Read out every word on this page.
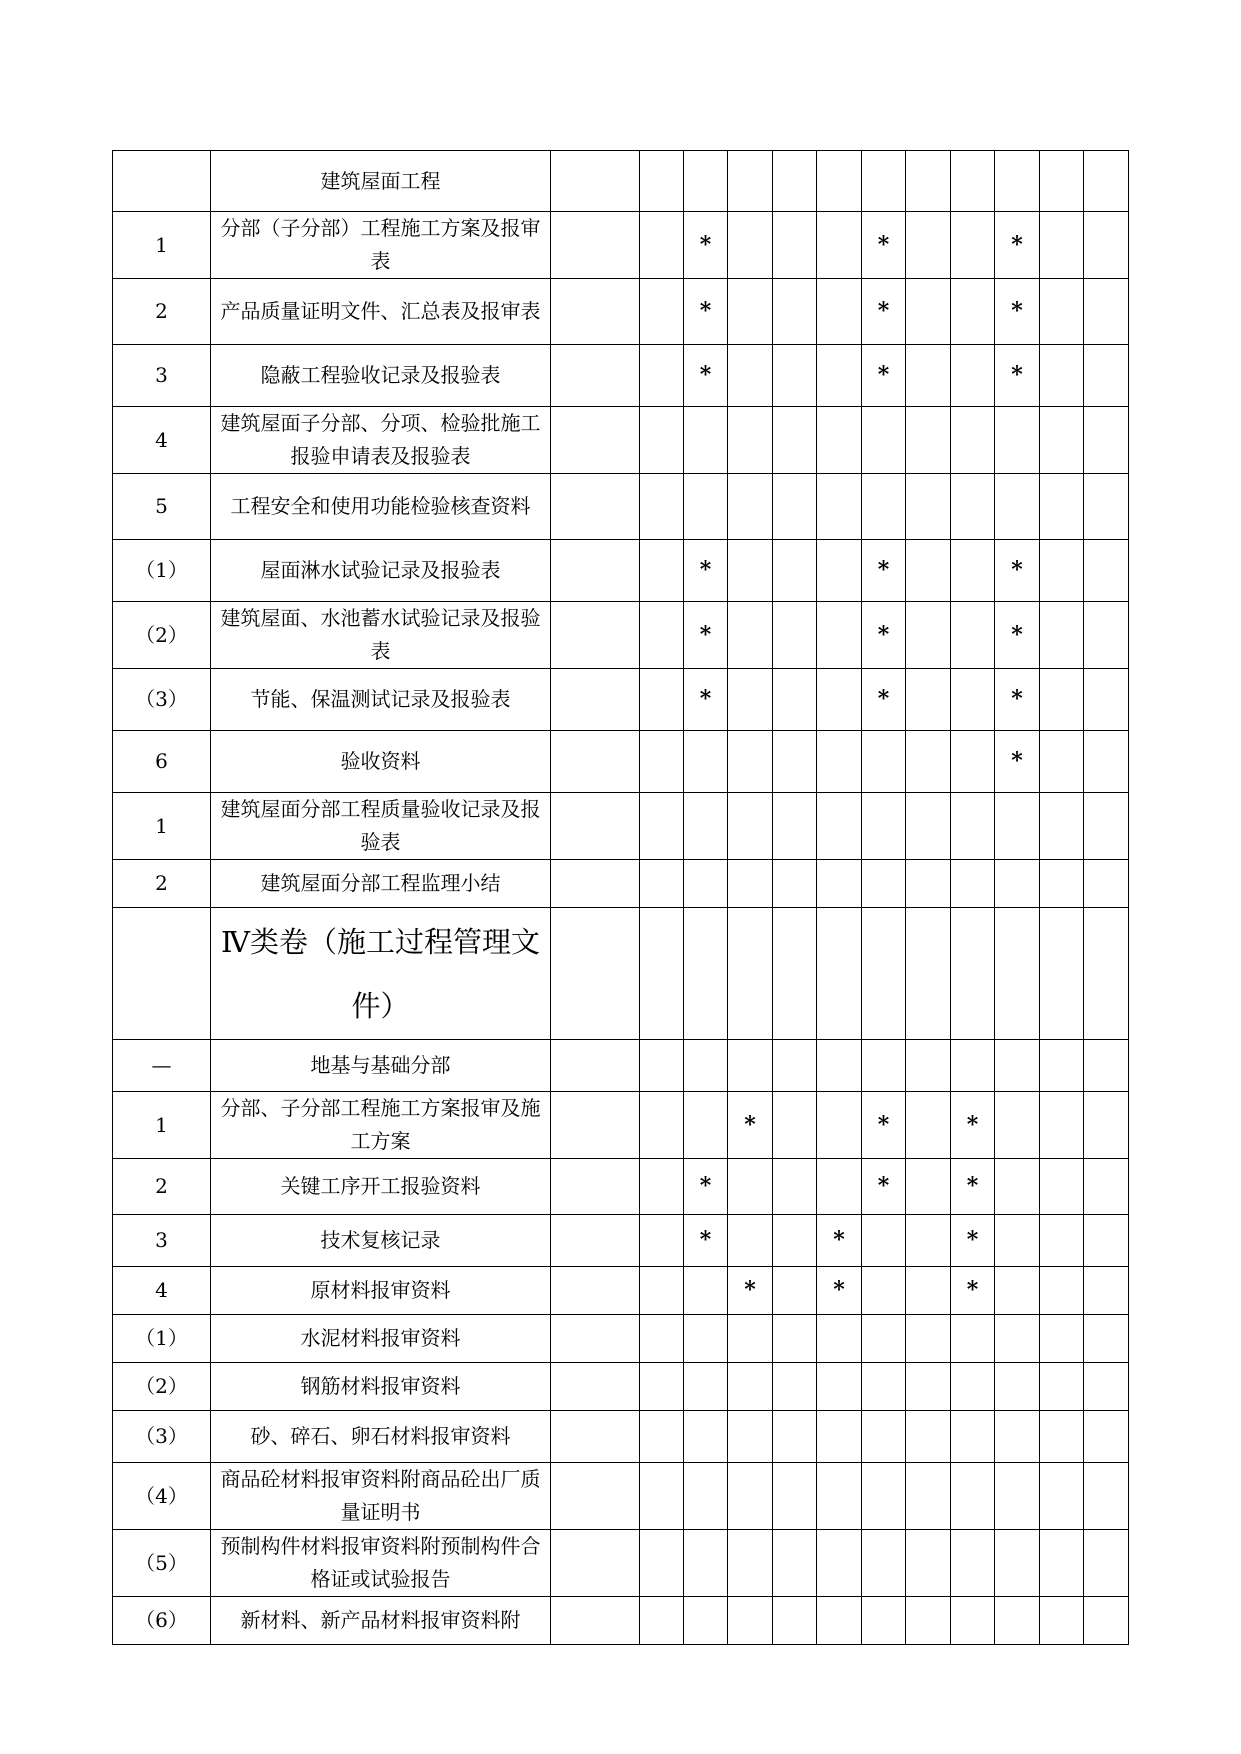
	建筑屋面工程												
1	分部（子分部）工程施工方案及报审表			*				*			*		
2	产品质量证明文件、汇总表及报审表			*				*			*		
3	隐蔽工程验收记录及报验表			*				*			*		
4	建筑屋面子分部、分项、检验批施工报验申请表及报验表												
5	工程安全和使用功能检验核查资料												
（1）	屋面淋水试验记录及报验表			*				*			*		
（2）	建筑屋面、水池蓄水试验记录及报验表			*				*			*		
（3）	节能、保温测试记录及报验表			*				*			*		
6	验收资料										*		
1	建筑屋面分部工程质量验收记录及报验表												
2	建筑屋面分部工程监理小结												
	Ⅳ类卷（施工过程管理文件）												
—	地基与基础分部												
1	分部、子分部工程施工方案报审及施工方案				*			*		*			
2	关键工序开工报验资料			*				*		*			
3	技术复核记录			*			*			*			
4	原材料报审资料				*		*			*			
（1）	水泥材料报审资料												
（2）	钢筋材料报审资料												
（3）	砂、碎石、卵石材料报审资料												
（4）	商品砼材料报审资料附商品砼出厂质量证明书												
（5）	预制构件材料报审资料附预制构件合格证或试验报告												
（6）	新材料、新产品材料报审资料附												
